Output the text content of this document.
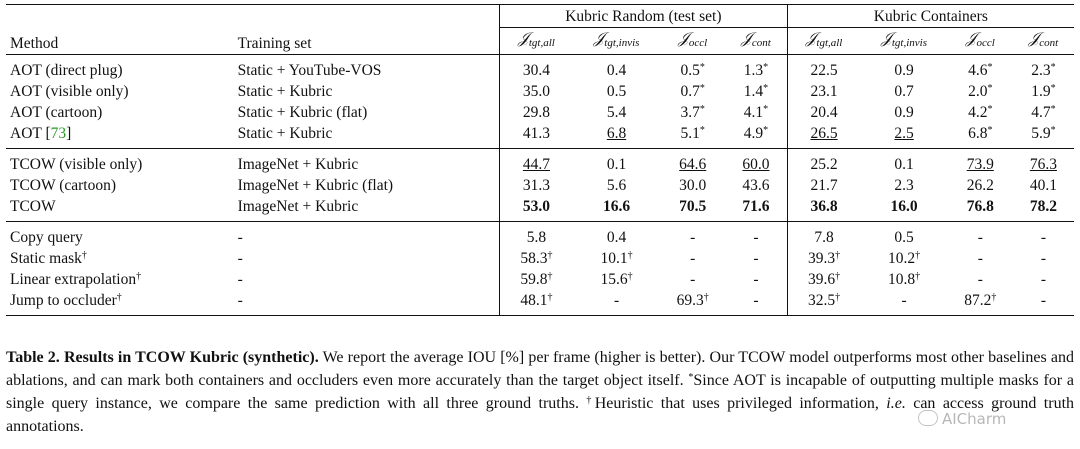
Method	Training set	Kubric Random (test set)				Kubric Containers			
		𝒥$_{tgt,all}$	𝒥$_{tgt,invis}$	𝒥$_{occl}$	𝒥$_{cont}$	𝒥$_{tgt,all}$	𝒥$_{tgt,invis}$	𝒥$_{occl}$	𝒥$_{cont}$
AOT (direct plug)	Static + YouTube-VOS	30.4	0.4	0.5*	1.3*	22.5	0.9	4.6*	2.3*
AOT (visible only)	Static + Kubric	35.0	0.5	0.7*	1.4*	23.1	0.7	2.0*	1.9*
AOT (cartoon)	Static + Kubric (flat)	29.8	5.4	3.7*	4.1*	20.4	0.9	4.2*	4.7*
AOT [73]	Static + Kubric	41.3	6.8	5.1*	4.9*	26.5	2.5	6.8*	5.9*
TCOW (visible only)	ImageNet + Kubric	44.7	0.1	64.6	60.0	25.2	0.1	73.9	76.3
TCOW (cartoon)	ImageNet + Kubric (flat)	31.3	5.6	30.0	43.6	21.7	2.3	26.2	40.1
TCOW	ImageNet + Kubric	53.0	16.6	70.5	71.6	36.8	16.0	76.8	78.2
Copy query	-	5.8	0.4	-	-	7.8	0.5	-	-
Static mask†	-	58.3†	10.1†	-	-	39.3†	10.2†	-	-
Linear extrapolation†	-	59.8†	15.6†	-	-	39.6†	10.8†	-	-
Jump to occluder†	-	48.1†	-	69.3†	-	32.5†	-	87.2†	-
Table 2. Results in TCOW Kubric (synthetic). We report the average IOU [%] per frame (higher is better). Our TCOW model outperforms most other baselines and ablations, and can mark both containers and occluders even more accurately than the target object itself. *Since AOT is incapable of outputting multiple masks for a single query instance, we compare the same prediction with all three ground truths. †Heuristic that uses privileged information, i.e. can access ground truth annotations.	AICharm
